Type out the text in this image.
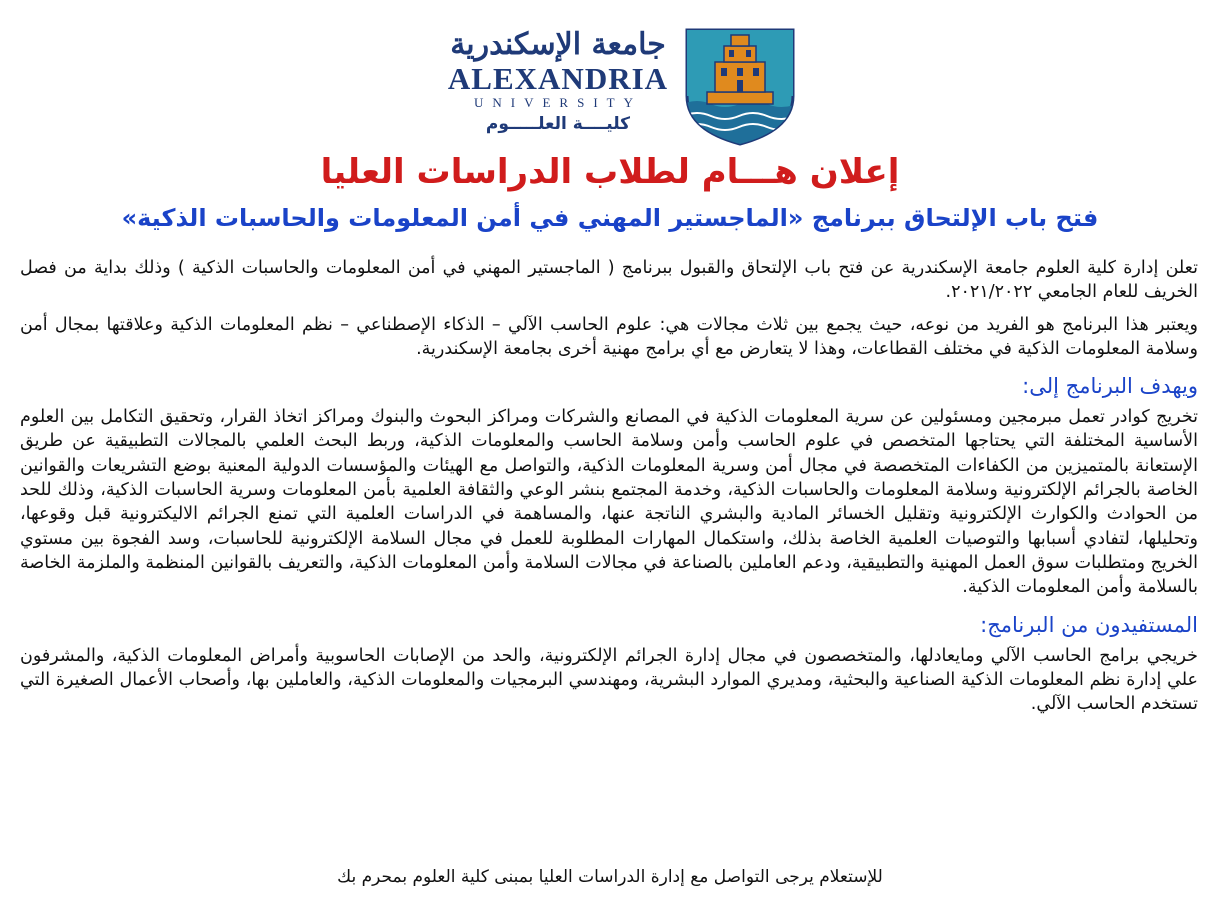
جامعة الإسكندرية
ALEXANDRIA
UNIVERSITY
كليــــة العلـــــوم
إعلان هـــام لطلاب الدراسات العليا
فتح باب الإلتحاق ببرنامج «الماجستير المهني في أمن المعلومات والحاسبات الذكية»

تعلن إدارة كلية العلوم جامعة الإسكندرية عن فتح باب الإلتحاق والقبول ببرنامج ( الماجستير المهني في أمن المعلومات والحاسبات الذكية ) وذلك بداية من فصل الخريف للعام الجامعي ٢٠٢١/٢٠٢٢.

ويعتبر هذا البرنامج هو الفريد من نوعه، حيث يجمع بين ثلاث مجالات هي: علوم الحاسب الآلي – الذكاء الإصطناعي – نظم المعلومات الذكية وعلاقتها بمجال أمن وسلامة المعلومات الذكية في مختلف القطاعات، وهذا لا يتعارض مع أي برامج مهنية أخرى بجامعة الإسكندرية.

ويهدف البرنامج إلى:

تخريج كوادر تعمل مبرمجين ومسئولين عن سرية المعلومات الذكية في المصانع والشركات ومراكز البحوث والبنوك ومراكز اتخاذ القرار، وتحقيق التكامل بين العلوم الأساسية المختلفة التي يحتاجها المتخصص في علوم الحاسب وأمن وسلامة الحاسب والمعلومات الذكية، وربط البحث العلمي بالمجالات التطبيقية عن طريق الإستعانة بالمتميزين من الكفاءات المتخصصة في مجال أمن وسرية المعلومات الذكية، والتواصل مع الهيئات والمؤسسات الدولية المعنية بوضع التشريعات والقوانين الخاصة بالجرائم الإلكترونية وسلامة المعلومات والحاسبات الذكية، وخدمة المجتمع بنشر الوعي والثقافة العلمية بأمن المعلومات وسرية الحاسبات الذكية، وذلك للحد من الحوادث والكوارث الإلكترونية وتقليل الخسائر المادية والبشري الناتجة عنها، والمساهمة في الدراسات العلمية التي تمنع الجرائم الاليكترونية قبل وقوعها، وتحليلها، لتفادي أسبابها والتوصيات العلمية الخاصة بذلك، واستكمال المهارات المطلوبة للعمل في مجال السلامة الإلكترونية للحاسبات، وسد الفجوة بين مستوي الخريج ومتطلبات سوق العمل المهنية والتطبيقية، ودعم العاملين بالصناعة في مجالات السلامة وأمن المعلومات الذكية، والتعريف بالقوانين المنظمة والملزمة الخاصة بالسلامة وأمن المعلومات الذكية.

المستفيدون من البرنامج:

خريجي برامج الحاسب الآلي ومايعادلها، والمتخصصون في مجال إدارة الجرائم الإلكترونية، والحد من الإصابات الحاسوبية وأمراض المعلومات الذكية، والمشرفون علي إدارة نظم المعلومات الذكية الصناعية والبحثية، ومديري الموارد البشرية، ومهندسي البرمجيات والمعلومات الذكية، والعاملين بها، وأصحاب الأعمال الصغيرة التي تستخدم الحاسب الآلي.

للإستعلام يرجى التواصل مع إدارة الدراسات العليا بمبنى كلية العلوم بمحرم بك
